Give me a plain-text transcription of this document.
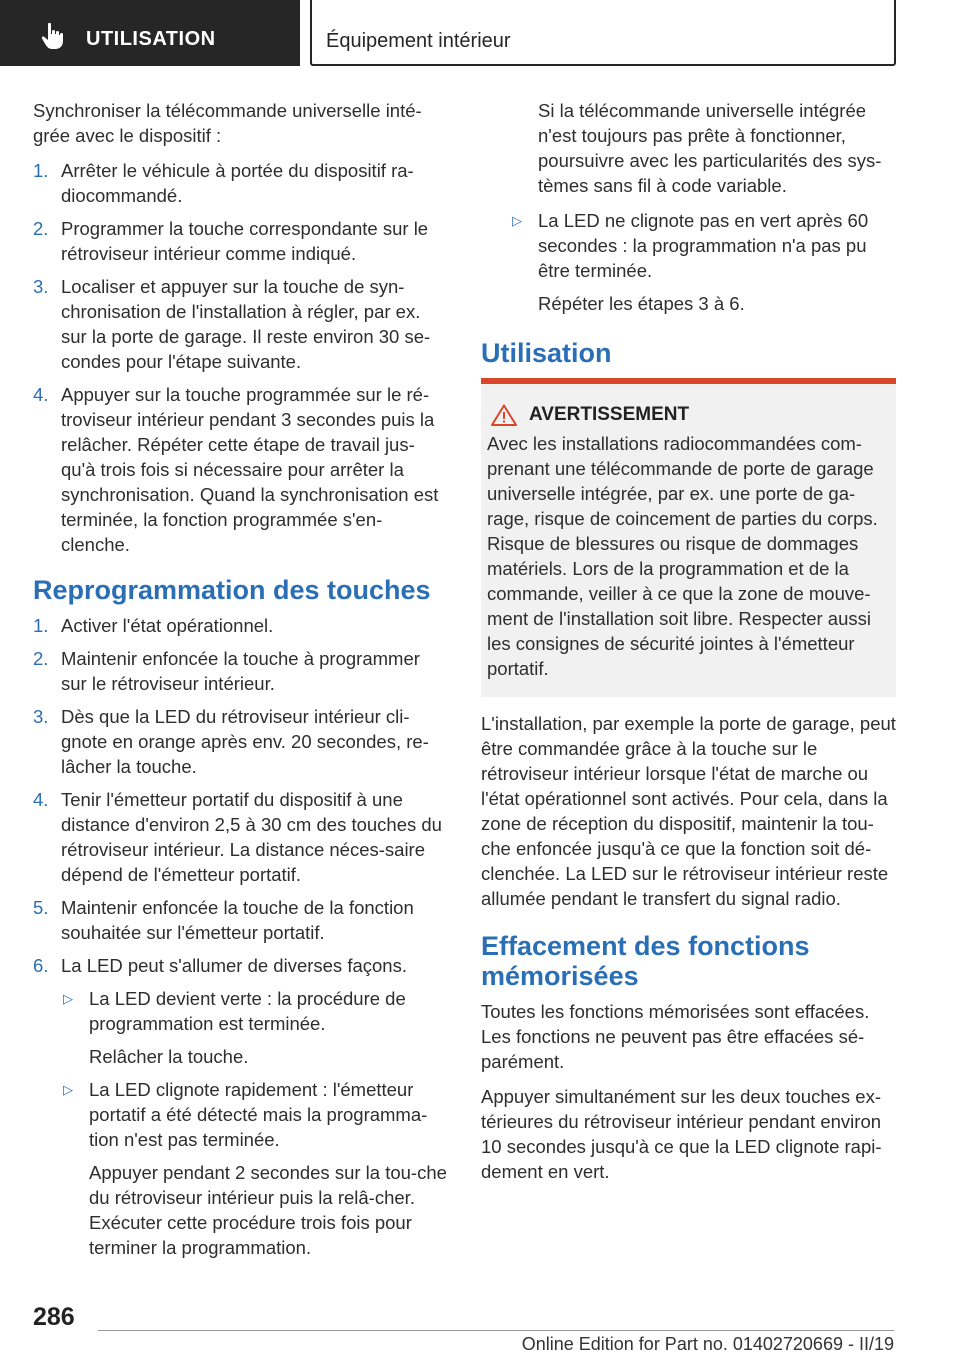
UTILISATION	Équipement intérieur

Synchroniser la télécommande universelle inté‐grée avec le dispositif :

1. Arrêter le véhicule à portée du dispositif ra‐diocommandé.
2. Programmer la touche correspondante sur le rétroviseur intérieur comme indiqué.
3. Localiser et appuyer sur la touche de syn‐chronisation de l'installation à régler, par ex. sur la porte de garage. Il reste environ 30 se‐condes pour l'étape suivante.
4. Appuyer sur la touche programmée sur le ré‐troviseur intérieur pendant 3 secondes puis la relâcher. Répéter cette étape de travail jus‐qu'à trois fois si nécessaire pour arrêter la synchronisation. Quand la synchronisation est terminée, la fonction programmée s'en‐clenche.
Reprogrammation des touches
1. Activer l'état opérationnel.
2. Maintenir enfoncée la touche à programmer sur le rétroviseur intérieur.
3. Dès que la LED du rétroviseur intérieur cli‐gnote en orange après env. 20 secondes, re‐lâcher la touche.
4. Tenir l'émetteur portatif du dispositif à une distance d'environ 2,5 à 30 cm des touches du rétroviseur intérieur. La distance néces‐saire dépend de l'émetteur portatif.
5. Maintenir enfoncée la touche de la fonction souhaitée sur l'émetteur portatif.
6. La LED peut s'allumer de diverses façons.
▷ La LED devient verte : la procédure de programmation est terminée.

Relâcher la touche.

▷ La LED clignote rapidement : l'émetteur portatif a été détecté mais la programma‐tion n'est pas terminée.

Appuyer pendant 2 secondes sur la tou‐che du rétroviseur intérieur puis la relâ‐cher. Exécuter cette procédure trois fois pour terminer la programmation.

Si la télécommande universelle intégrée n'est toujours pas prête à fonctionner, poursuivre avec les particularités des sys‐tèmes sans fil à code variable.

▷ La LED ne clignote pas en vert après 60 secondes : la programmation n'a pas pu être terminée.

Répéter les étapes 3 à 6.

Utilisation
AVERTISSEMENT

Avec les installations radiocommandées com‐prenant une télécommande de porte de garage universelle intégrée, par ex. une porte de ga‐rage, risque de coincement de parties du corps. Risque de blessures ou risque de dommages matériels. Lors de la programmation et de la commande, veiller à ce que la zone de mouve‐ment de l'installation soit libre. Respecter aussi les consignes de sécurité jointes à l'émetteur portatif.

L'installation, par exemple la porte de garage, peut être commandée grâce à la touche sur le rétroviseur intérieur lorsque l'état de marche ou l'état opérationnel sont activés. Pour cela, dans la zone de réception du dispositif, maintenir la tou‐che enfoncée jusqu'à ce que la fonction soit dé‐clenchée. La LED sur le rétroviseur intérieur reste allumée pendant le transfert du signal radio.

Effacement des fonctions mémorisées

Toutes les fonctions mémorisées sont effacées. Les fonctions ne peuvent pas être effacées sé‐parément.

Appuyer simultanément sur les deux touches ex‐térieures du rétroviseur intérieur pendant environ 10 secondes jusqu'à ce que la LED clignote rapi‐dement en vert.

286
Online Edition for Part no. 01402720669 - II/19
